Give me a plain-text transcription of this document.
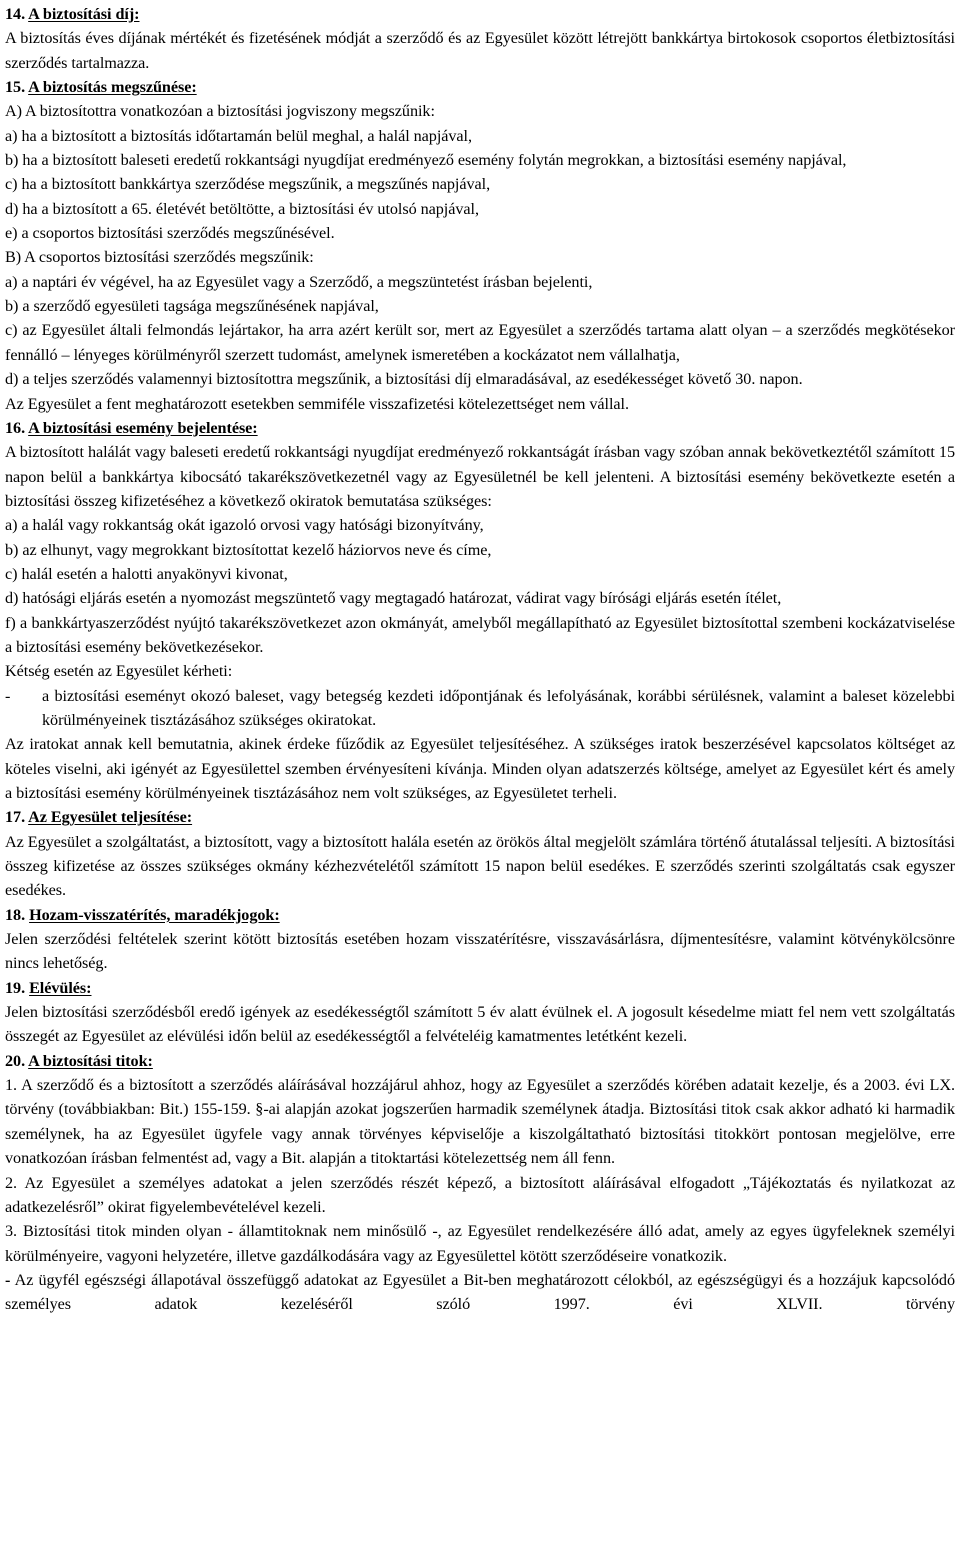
14. A biztosítási díj:

A biztosítás éves díjának mértékét és fizetésének módját a szerződő és az Egyesület között létrejött bankkártya birtokosok csoportos életbiztosítási szerződés tartalmazza.

15. A biztosítás megszűnése:

A) A biztosítottra vonatkozóan a biztosítási jogviszony megszűnik:

a) ha a biztosított a biztosítás időtartamán belül meghal, a halál napjával,

b) ha a biztosított baleseti eredetű rokkantsági nyugdíjat eredményező esemény folytán megrokkan, a biztosítási esemény napjával,

c) ha a biztosított bankkártya szerződése megszűnik, a megszűnés napjával,

d) ha a biztosított a 65. életévét betöltötte, a biztosítási év utolsó napjával,

e) a csoportos biztosítási szerződés megszűnésével.

B) A csoportos biztosítási szerződés megszűnik:

a) a naptári év végével, ha az Egyesület vagy a Szerződő, a megszüntetést írásban bejelenti,

b) a szerződő egyesületi tagsága megszűnésének napjával,

c) az Egyesület általi felmondás lejártakor, ha arra azért került sor, mert az Egyesület a szerződés tartama alatt olyan – a szerződés megkötésekor fennálló – lényeges körülményről szerzett tudomást, amelynek ismeretében a kockázatot nem vállalhatja,

d) a teljes szerződés valamennyi biztosítottra megszűnik, a biztosítási díj elmaradásával, az esedékességet követő 30. napon.

Az Egyesület a fent meghatározott esetekben semmiféle visszafizetési kötelezettséget nem vállal.

16. A biztosítási esemény bejelentése:

A biztosított halálát vagy baleseti eredetű rokkantsági nyugdíjat eredményező rokkantságát írásban vagy szóban annak bekövetkeztétől számított 15 napon belül a bankkártya kibocsátó takarékszövetkezetnél vagy az Egyesületnél be kell jelenteni. A biztosítási esemény bekövetkezte esetén a biztosítási összeg kifizetéséhez a következő okiratok bemutatása szükséges:

a) a halál vagy rokkantság okát igazoló orvosi vagy hatósági bizonyítvány,

b) az elhunyt, vagy megrokkant biztosítottat kezelő háziorvos neve és címe,

c) halál esetén a halotti anyakönyvi kivonat,

d) hatósági eljárás esetén a nyomozást megszüntető vagy megtagadó határozat, vádirat vagy bírósági eljárás esetén ítélet,

f) a bankkártyaszerződést nyújtó takarékszövetkezet azon okmányát, amelyből megállapítható az Egyesület biztosítottal szembeni kockázatviselése a biztosítási esemény bekövetkezésekor.

Kétség esetén az Egyesület kérheti:

-	a biztosítási eseményt okozó baleset, vagy betegség kezdeti időpontjának és lefolyásának, korábbi sérülésnek, valamint a baleset közelebbi körülményeinek tisztázásához szükséges okiratokat.

Az iratokat annak kell bemutatnia, akinek érdeke fűződik az Egyesület teljesítéséhez. A szükséges iratok beszerzésével kapcsolatos költséget az köteles viselni, aki igényét az Egyesülettel szemben érvényesíteni kívánja. Minden olyan adatszerzés költsége, amelyet az Egyesület kért és amely a biztosítási esemény körülményeinek tisztázásához nem volt szükséges, az Egyesületet terheli.

17. Az Egyesület teljesítése:

Az Egyesület a szolgáltatást, a biztosított, vagy a biztosított halála esetén az örökös által megjelölt számlára történő átutalással teljesíti. A biztosítási összeg kifizetése az összes szükséges okmány kézhezvételétől számított 15 napon belül esedékes. E szerződés szerinti szolgáltatás csak egyszer esedékes.

18. Hozam-visszatérítés, maradékjogok:

Jelen szerződési feltételek szerint kötött biztosítás esetében hozam visszatérítésre, visszavásárlásra, díjmentesítésre, valamint kötvénykölcsönre nincs lehetőség.

19. Elévülés:

Jelen biztosítási szerződésből eredő igények az esedékességtől számított 5 év alatt évülnek el. A jogosult késedelme miatt fel nem vett szolgáltatás összegét az Egyesület az elévülési időn belül az esedékességtől a felvételéig kamatmentes letétként kezeli.

20. A biztosítási titok:

1. A szerződő és a biztosított a szerződés aláírásával hozzájárul ahhoz, hogy az Egyesület a szerződés körében adatait kezelje, és a 2003. évi LX. törvény (továbbiakban: Bit.) 155-159. §-ai alapján azokat jogszerűen harmadik személynek átadja. Biztosítási titok csak akkor adható ki harmadik személynek, ha az Egyesület ügyfele vagy annak törvényes képviselője a kiszolgáltatható biztosítási titokkört pontosan megjelölve, erre vonatkozóan írásban felmentést ad, vagy a Bit. alapján a titoktartási kötelezettség nem áll fenn.

2. Az Egyesület a személyes adatokat a jelen szerződés részét képező, a biztosított aláírásával elfogadott „Tájékoztatás és nyilatkozat az adatkezelésről” okirat figyelembevételével kezeli.

3. Biztosítási titok minden olyan - államtitoknak nem minősülő -, az Egyesület rendelkezésére álló adat, amely az egyes ügyfeleknek személyi körülményeire, vagyoni helyzetére, illetve gazdálkodására vagy az Egyesülettel kötött szerződéseire vonatkozik.

- Az ügyfél egészségi állapotával összefüggő adatokat az Egyesület a Bit-ben meghatározott célokból, az egészségügyi és a hozzájuk kapcsolódó személyes adatok kezeléséről szóló 1997. évi XLVII. törvény
